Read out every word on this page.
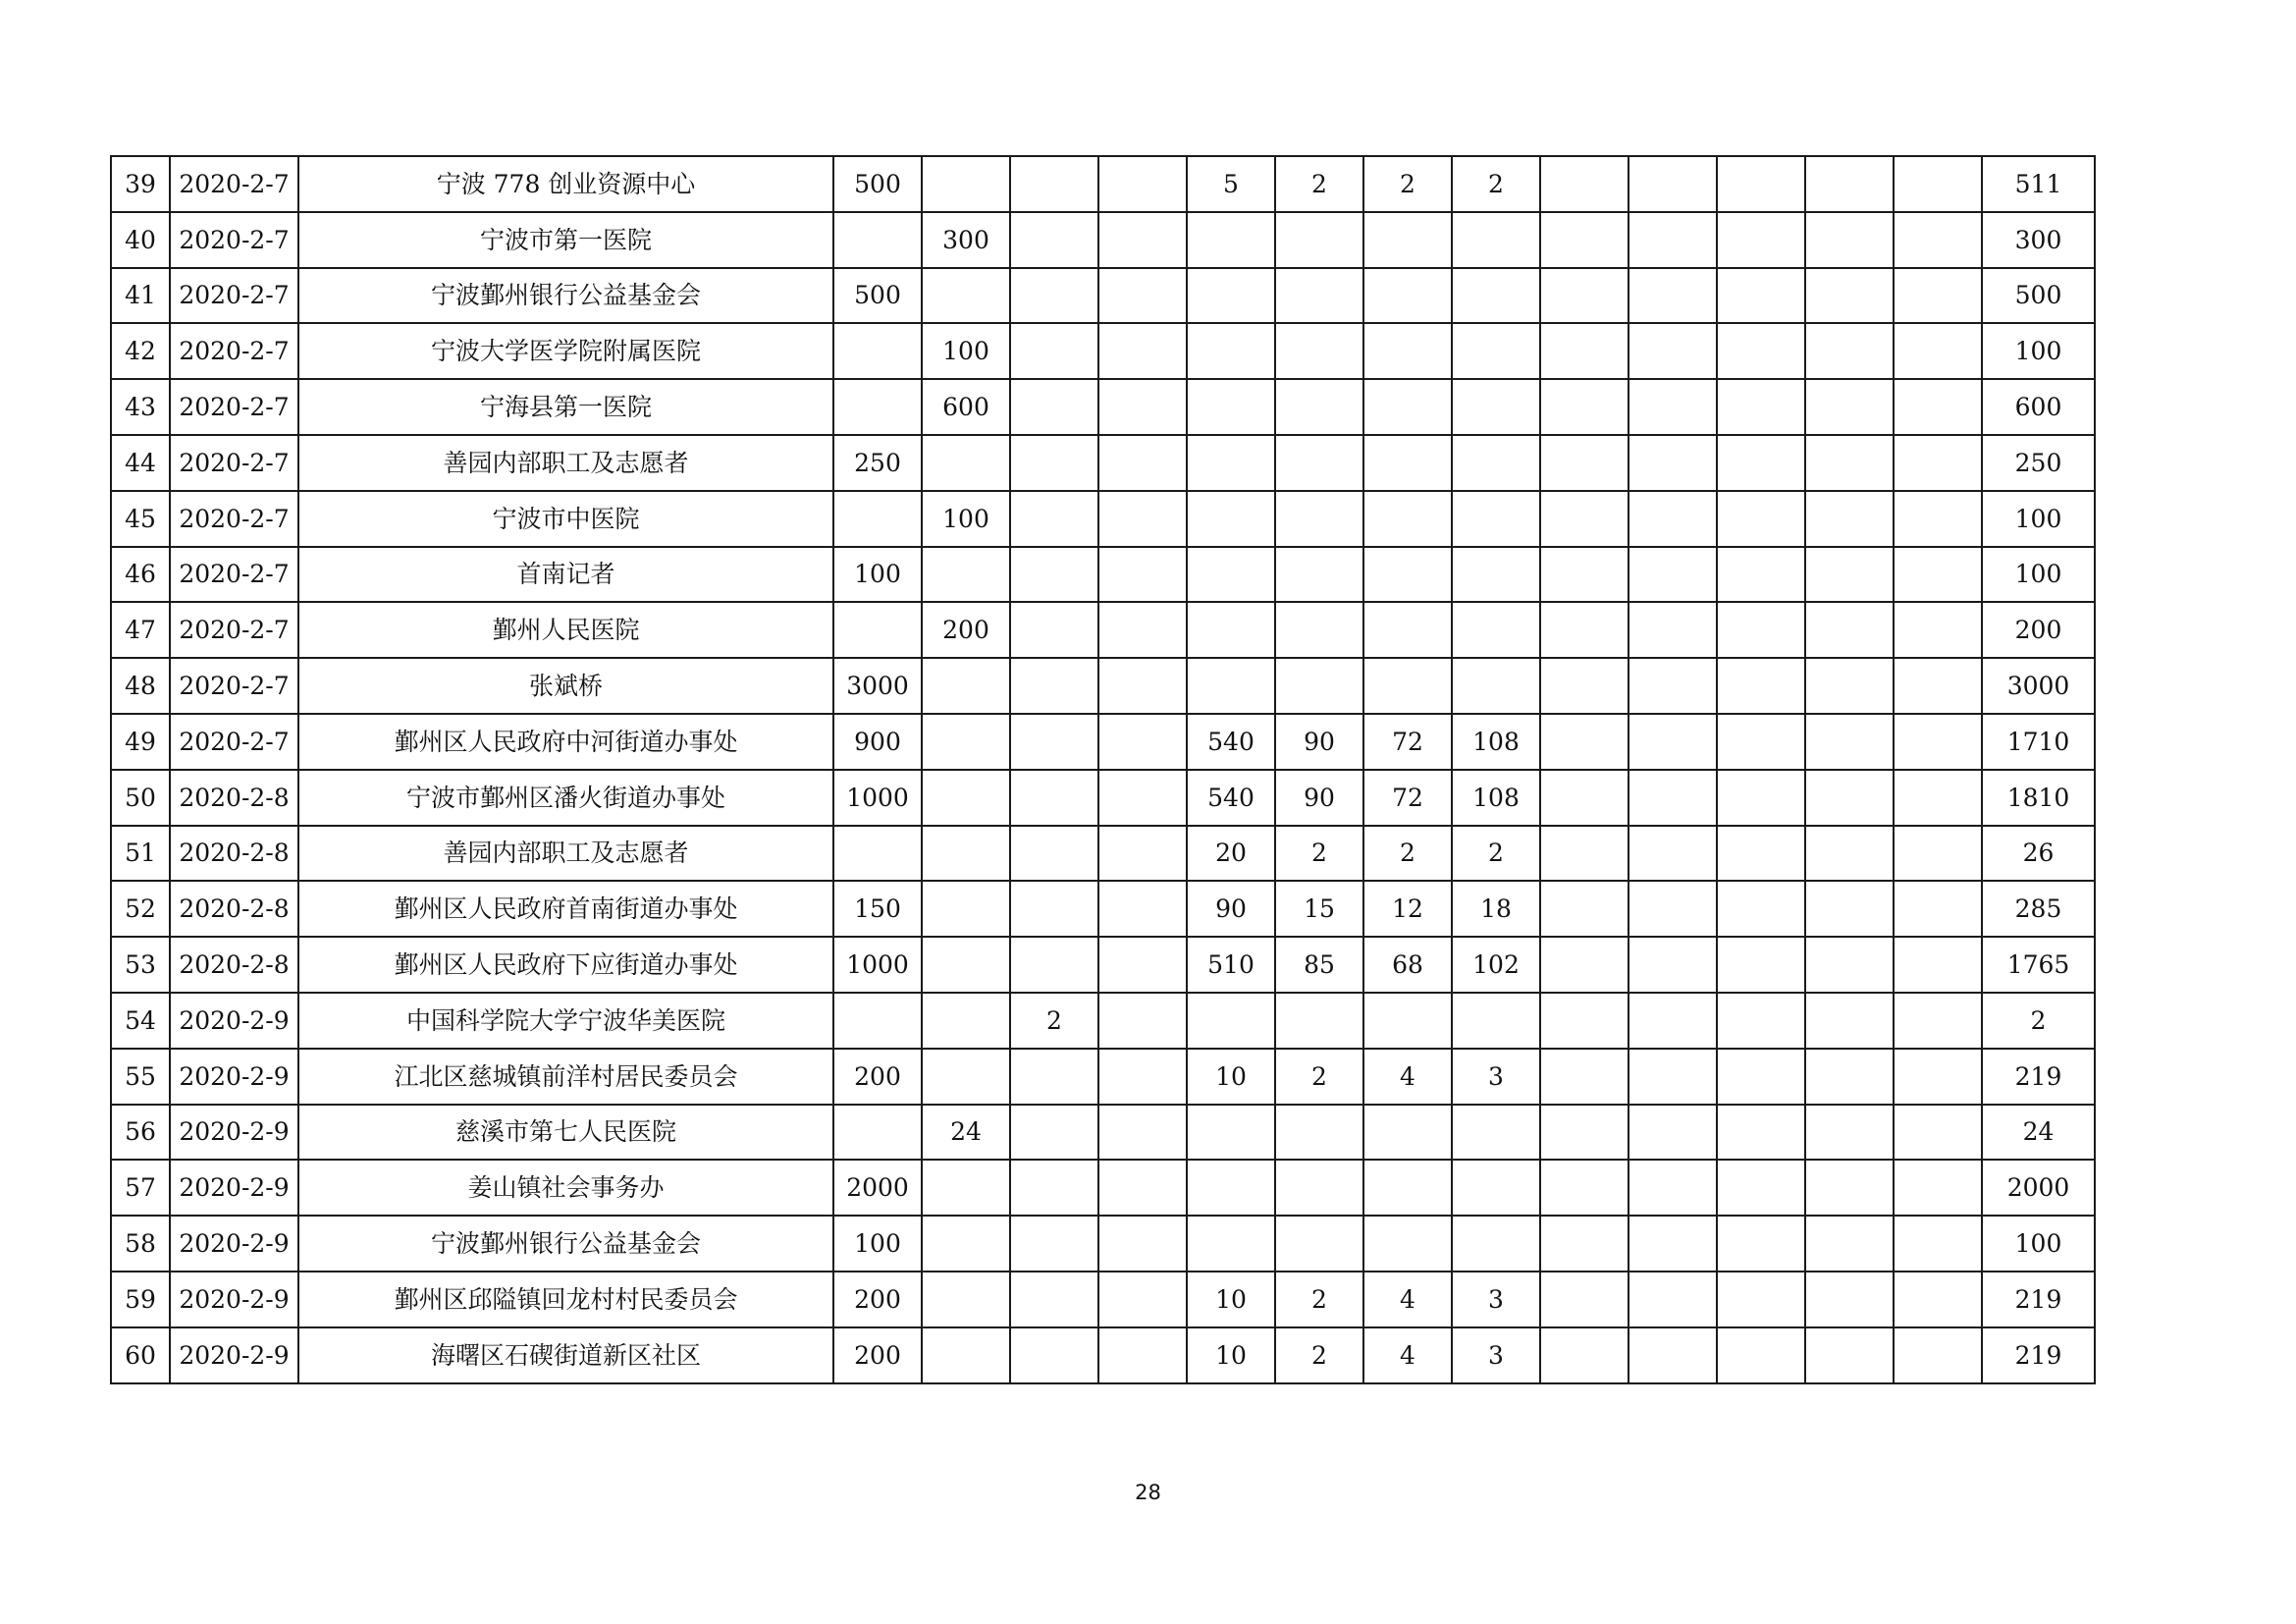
39	2020-2-7	宁波 778 创业资源中心	500				5	2	2	2						511
40	2020-2-7	宁波市第一医院		300												300
41	2020-2-7	宁波鄞州银行公益基金会	500													500
42	2020-2-7	宁波大学医学院附属医院		100												100
43	2020-2-7	宁海县第一医院		600												600
44	2020-2-7	善园内部职工及志愿者	250													250
45	2020-2-7	宁波市中医院		100												100
46	2020-2-7	首南记者	100													100
47	2020-2-7	鄞州人民医院		200												200
48	2020-2-7	张斌桥	3000													3000
49	2020-2-7	鄞州区人民政府中河街道办事处	900				540	90	72	108						1710
50	2020-2-8	宁波市鄞州区潘火街道办事处	1000				540	90	72	108						1810
51	2020-2-8	善园内部职工及志愿者					20	2	2	2						26
52	2020-2-8	鄞州区人民政府首南街道办事处	150				90	15	12	18						285
53	2020-2-8	鄞州区人民政府下应街道办事处	1000				510	85	68	102						1765
54	2020-2-9	中国科学院大学宁波华美医院			2											2
55	2020-2-9	江北区慈城镇前洋村居民委员会	200				10	2	4	3						219
56	2020-2-9	慈溪市第七人民医院		24												24
57	2020-2-9	姜山镇社会事务办	2000													2000
58	2020-2-9	宁波鄞州银行公益基金会	100													100
59	2020-2-9	鄞州区邱隘镇回龙村村民委员会	200				10	2	4	3						219
60	2020-2-9	海曙区石碶街道新区社区	200				10	2	4	3						219
28
